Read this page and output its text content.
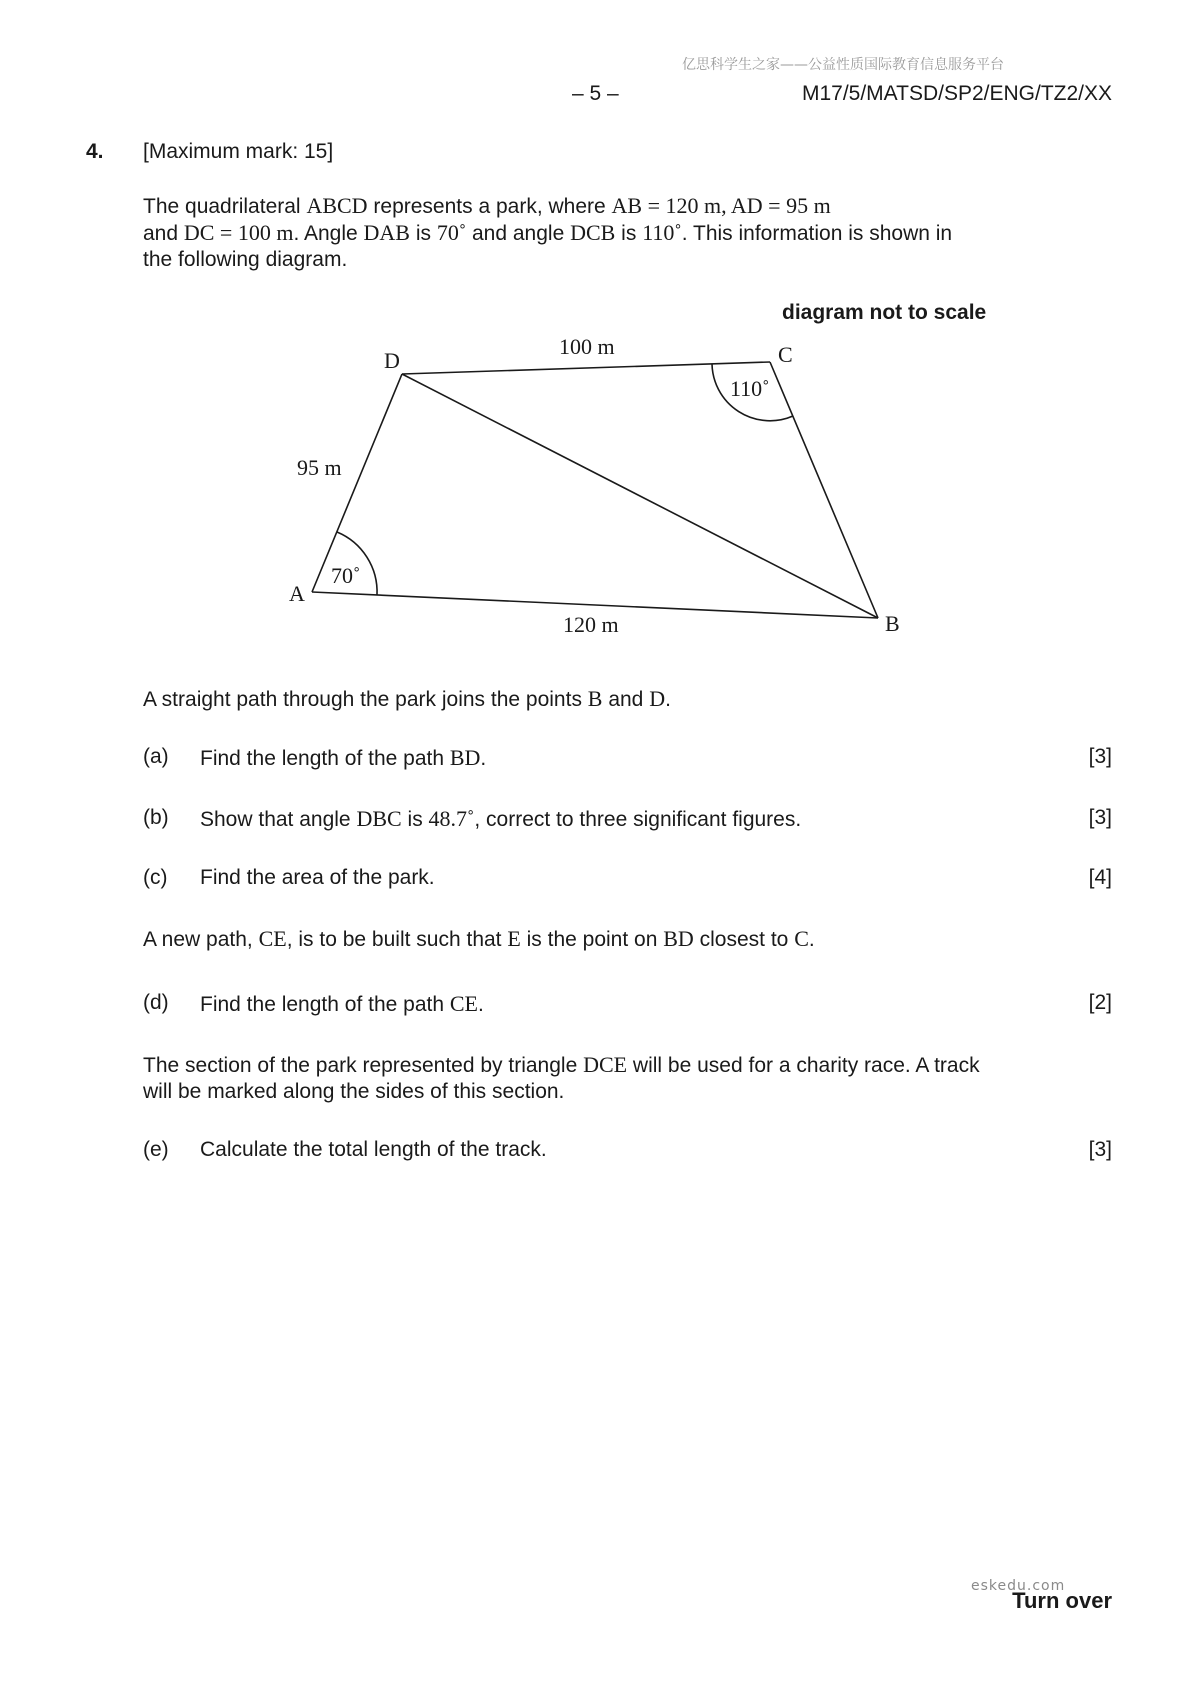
亿思科学生之家——公益性质国际教育信息服务平台
– 5 –	M17/5/MATSD/SP2/ENG/TZ2/XX
4. [Maximum mark: 15]
The quadrilateral ABCD represents a park, where AB = 120 m, AD = 95 m
and DC = 100 m. Angle DAB is 70˚ and angle DCB is 110˚. This information is shown in
the following diagram.
diagram not to scale
D	C
A
B
100 m
95 m
120 m
70˚
110˚
A straight path through the park joins the points B and D.
(a) Find the length of the path BD.	[3]
(b) Show that angle DBC is 48.7˚, correct to three significant figures.	[3]
(c) Find the area of the park.	[4]
A new path, CE, is to be built such that E is the point on BD closest to C.
(d) Find the length of the path CE.	[2]
The section of the park represented by triangle DCE will be used for a charity race. A track
will be marked along the sides of this section.
(e) Calculate the total length of the track.	[3]
eskedu.com
Turn over
